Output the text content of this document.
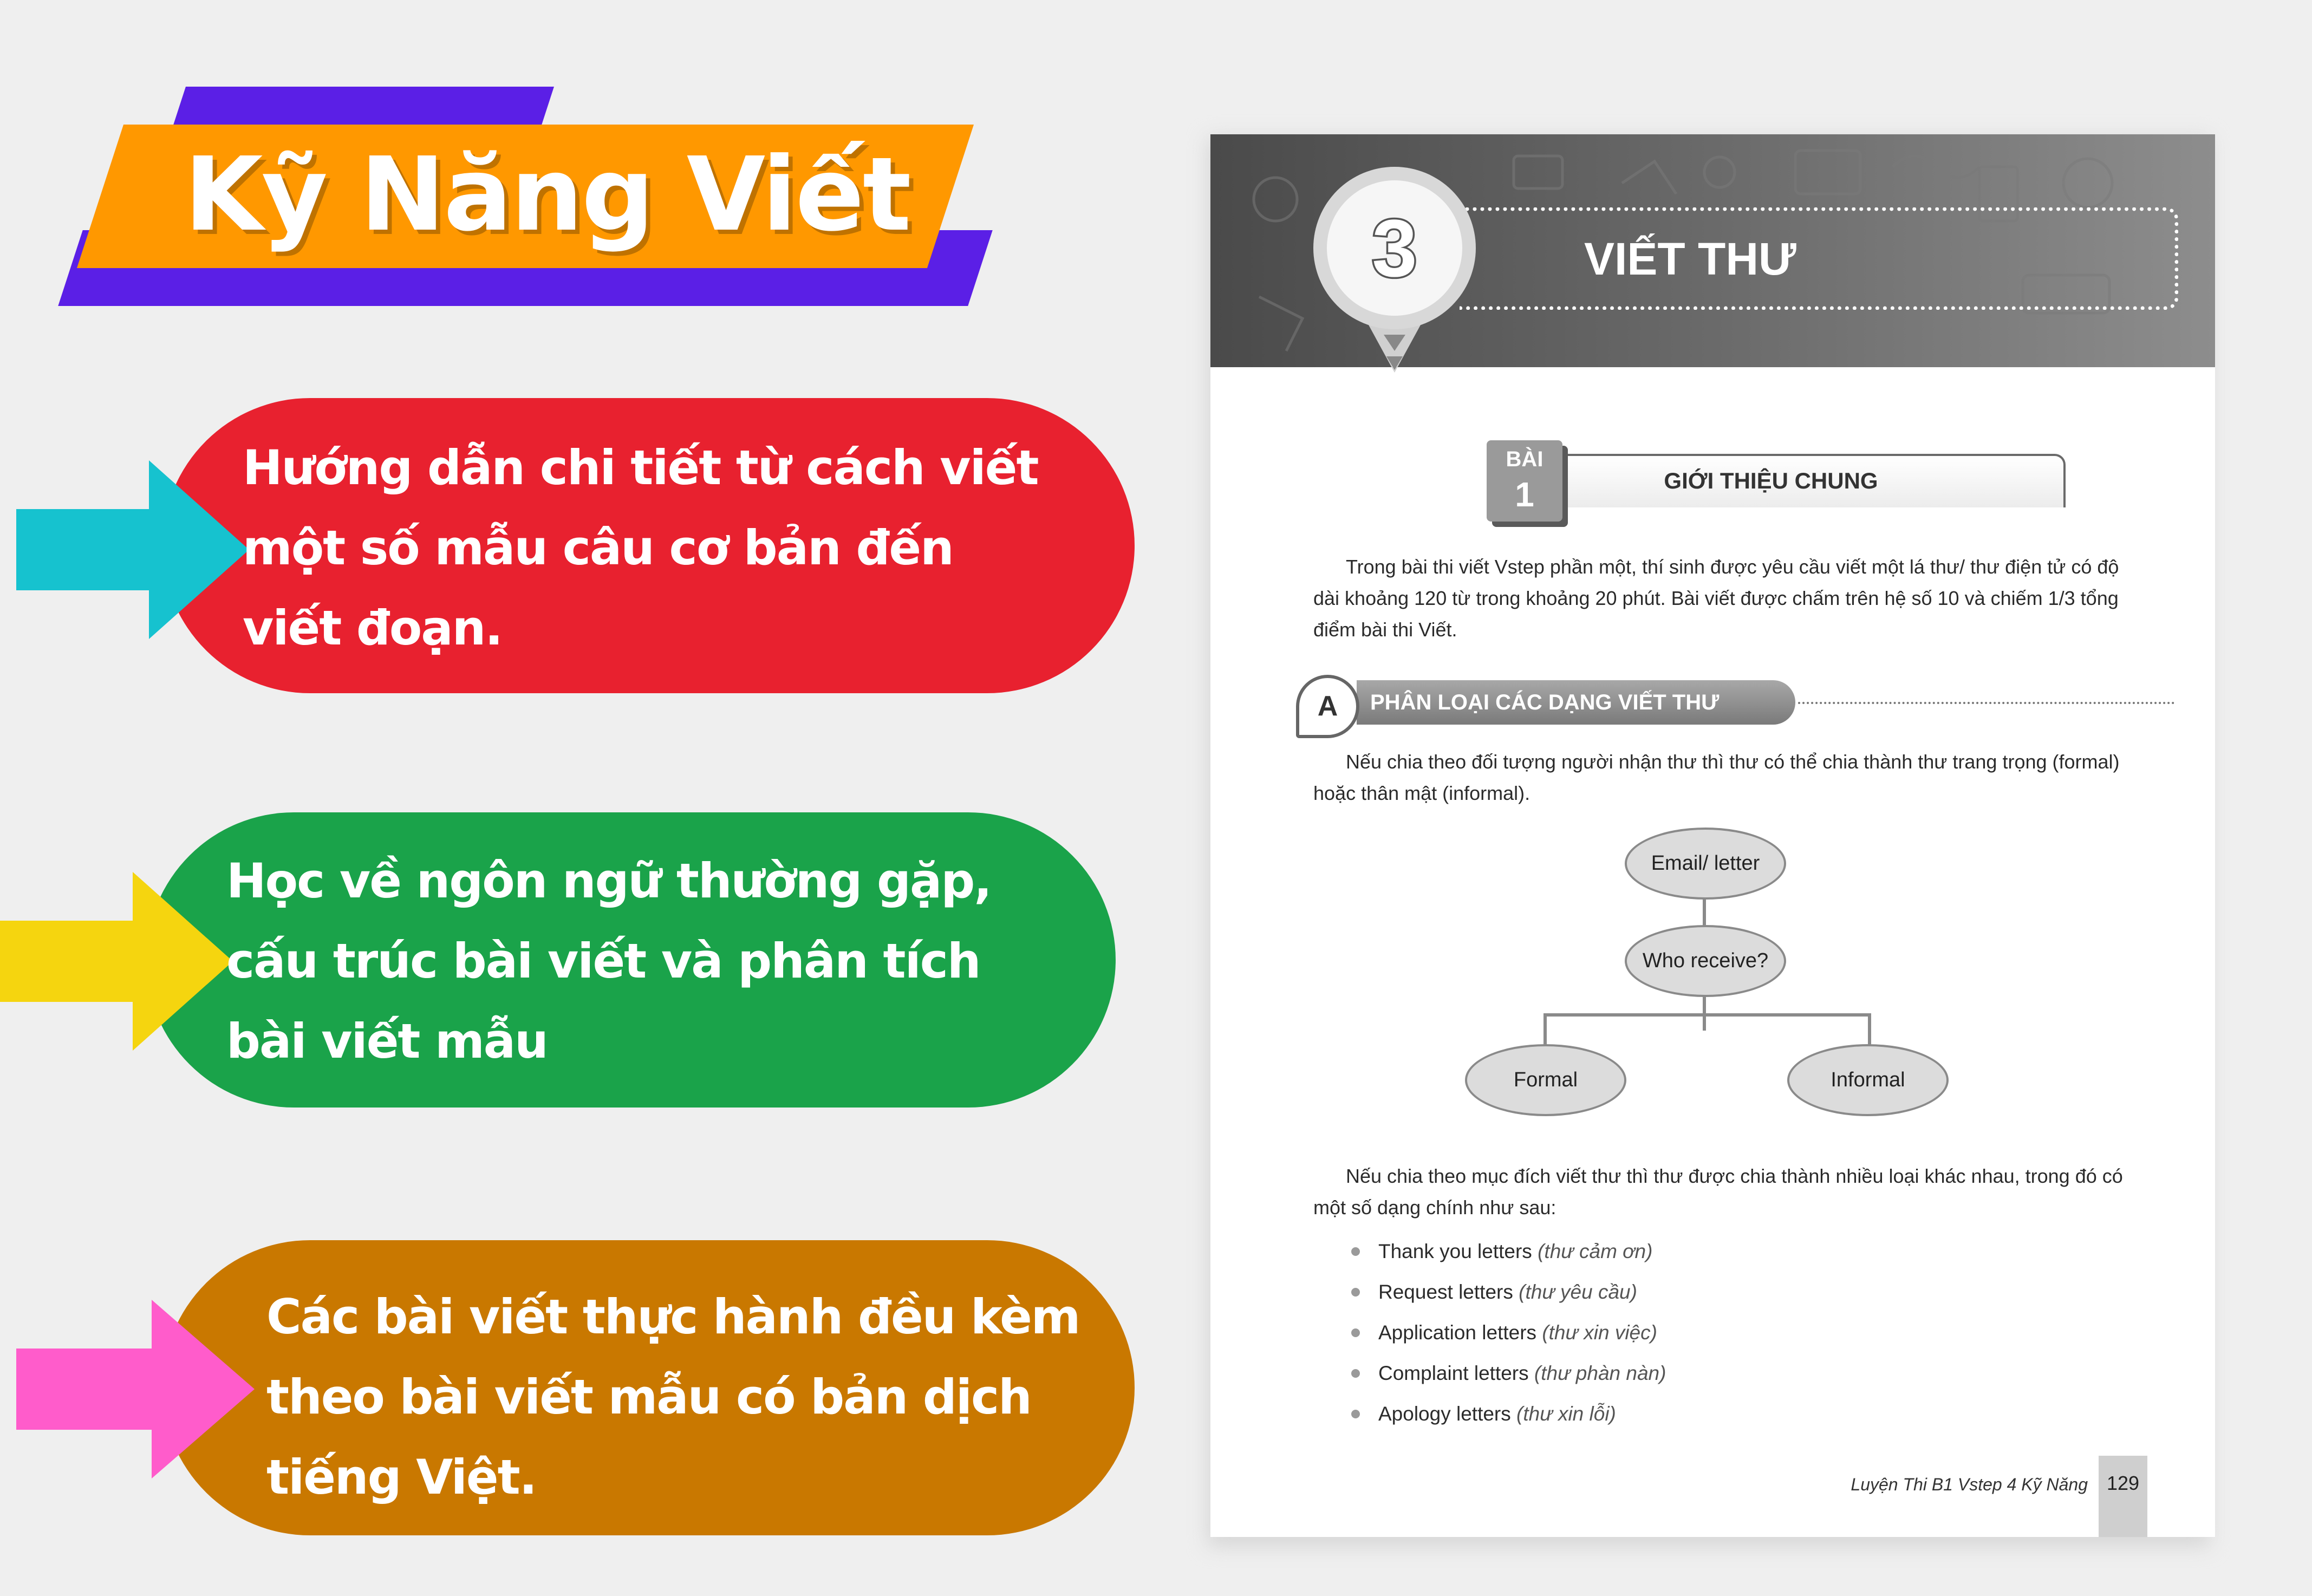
Kỹ Năng Viết
Hướng dẫn chi tiết từ cách viết
một số mẫu câu cơ bản đến
viết đoạn.
Học về ngôn ngữ thường gặp,
cấu trúc bài viết và phân tích
bài viết mẫu
Các bài viết thực hành đều kèm
theo bài viết mẫu có bản dịch
tiếng Việt.
VIẾT THƯ
3
BÀI
1	GIỚI THIỆU CHUNG
Trong bài thi viết Vstep phần một, thí sinh được yêu cầu viết một lá thư/ thư điện tử có độ
dài khoảng 120 từ trong khoảng 20 phút. Bài viết được chấm trên hệ số 10 và chiếm 1/3 tổng
điểm bài thi Viết.
A	PHÂN LOẠI CÁC DẠNG VIẾT THƯ
Nếu chia theo đối tượng người nhận thư thì thư có thể chia thành thư trang trọng (formal)
hoặc thân mật (informal).
Email/ letter
Who receive?
Formal	Informal
Nếu chia theo mục đích viết thư thì thư được chia thành nhiều loại khác nhau, trong đó có
một số dạng chính như sau:
Thank you letters (thư cảm ơn)
Request letters (thư yêu cầu)
Application letters (thư xin việc)
Complaint letters (thư phàn nàn)
Apology letters (thư xin lỗi)
Luyện Thi B1 Vstep 4 Kỹ Năng 129
